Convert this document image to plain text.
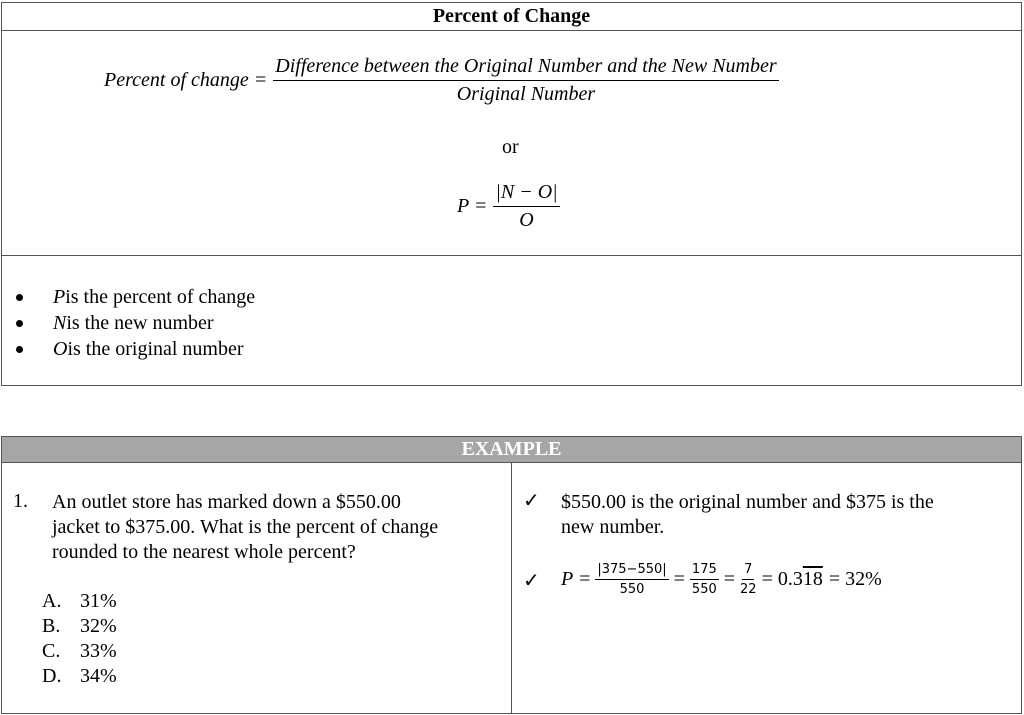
Percent of Change
Percent of change = $\frac{\text{Difference between the Original Number and the New Number}}{\text{Original Number}}$
or
$P = \frac{|N - O|}{O}$
P is the percent of change
N is the new number
O is the original number
EXAMPLE
1. An outlet store has marked down a $550.00
jacket to $375.00. What is the percent of change
rounded to the nearest whole percent?
A. 31%
B. 32%
C. 33%
D. 34%
✓ $550.00 is the original number and $375 is the
new number.
✓ $P = \frac{|375-550|}{550} = \frac{175}{550} = \frac{7}{22} = 0.318 = 32\%$
